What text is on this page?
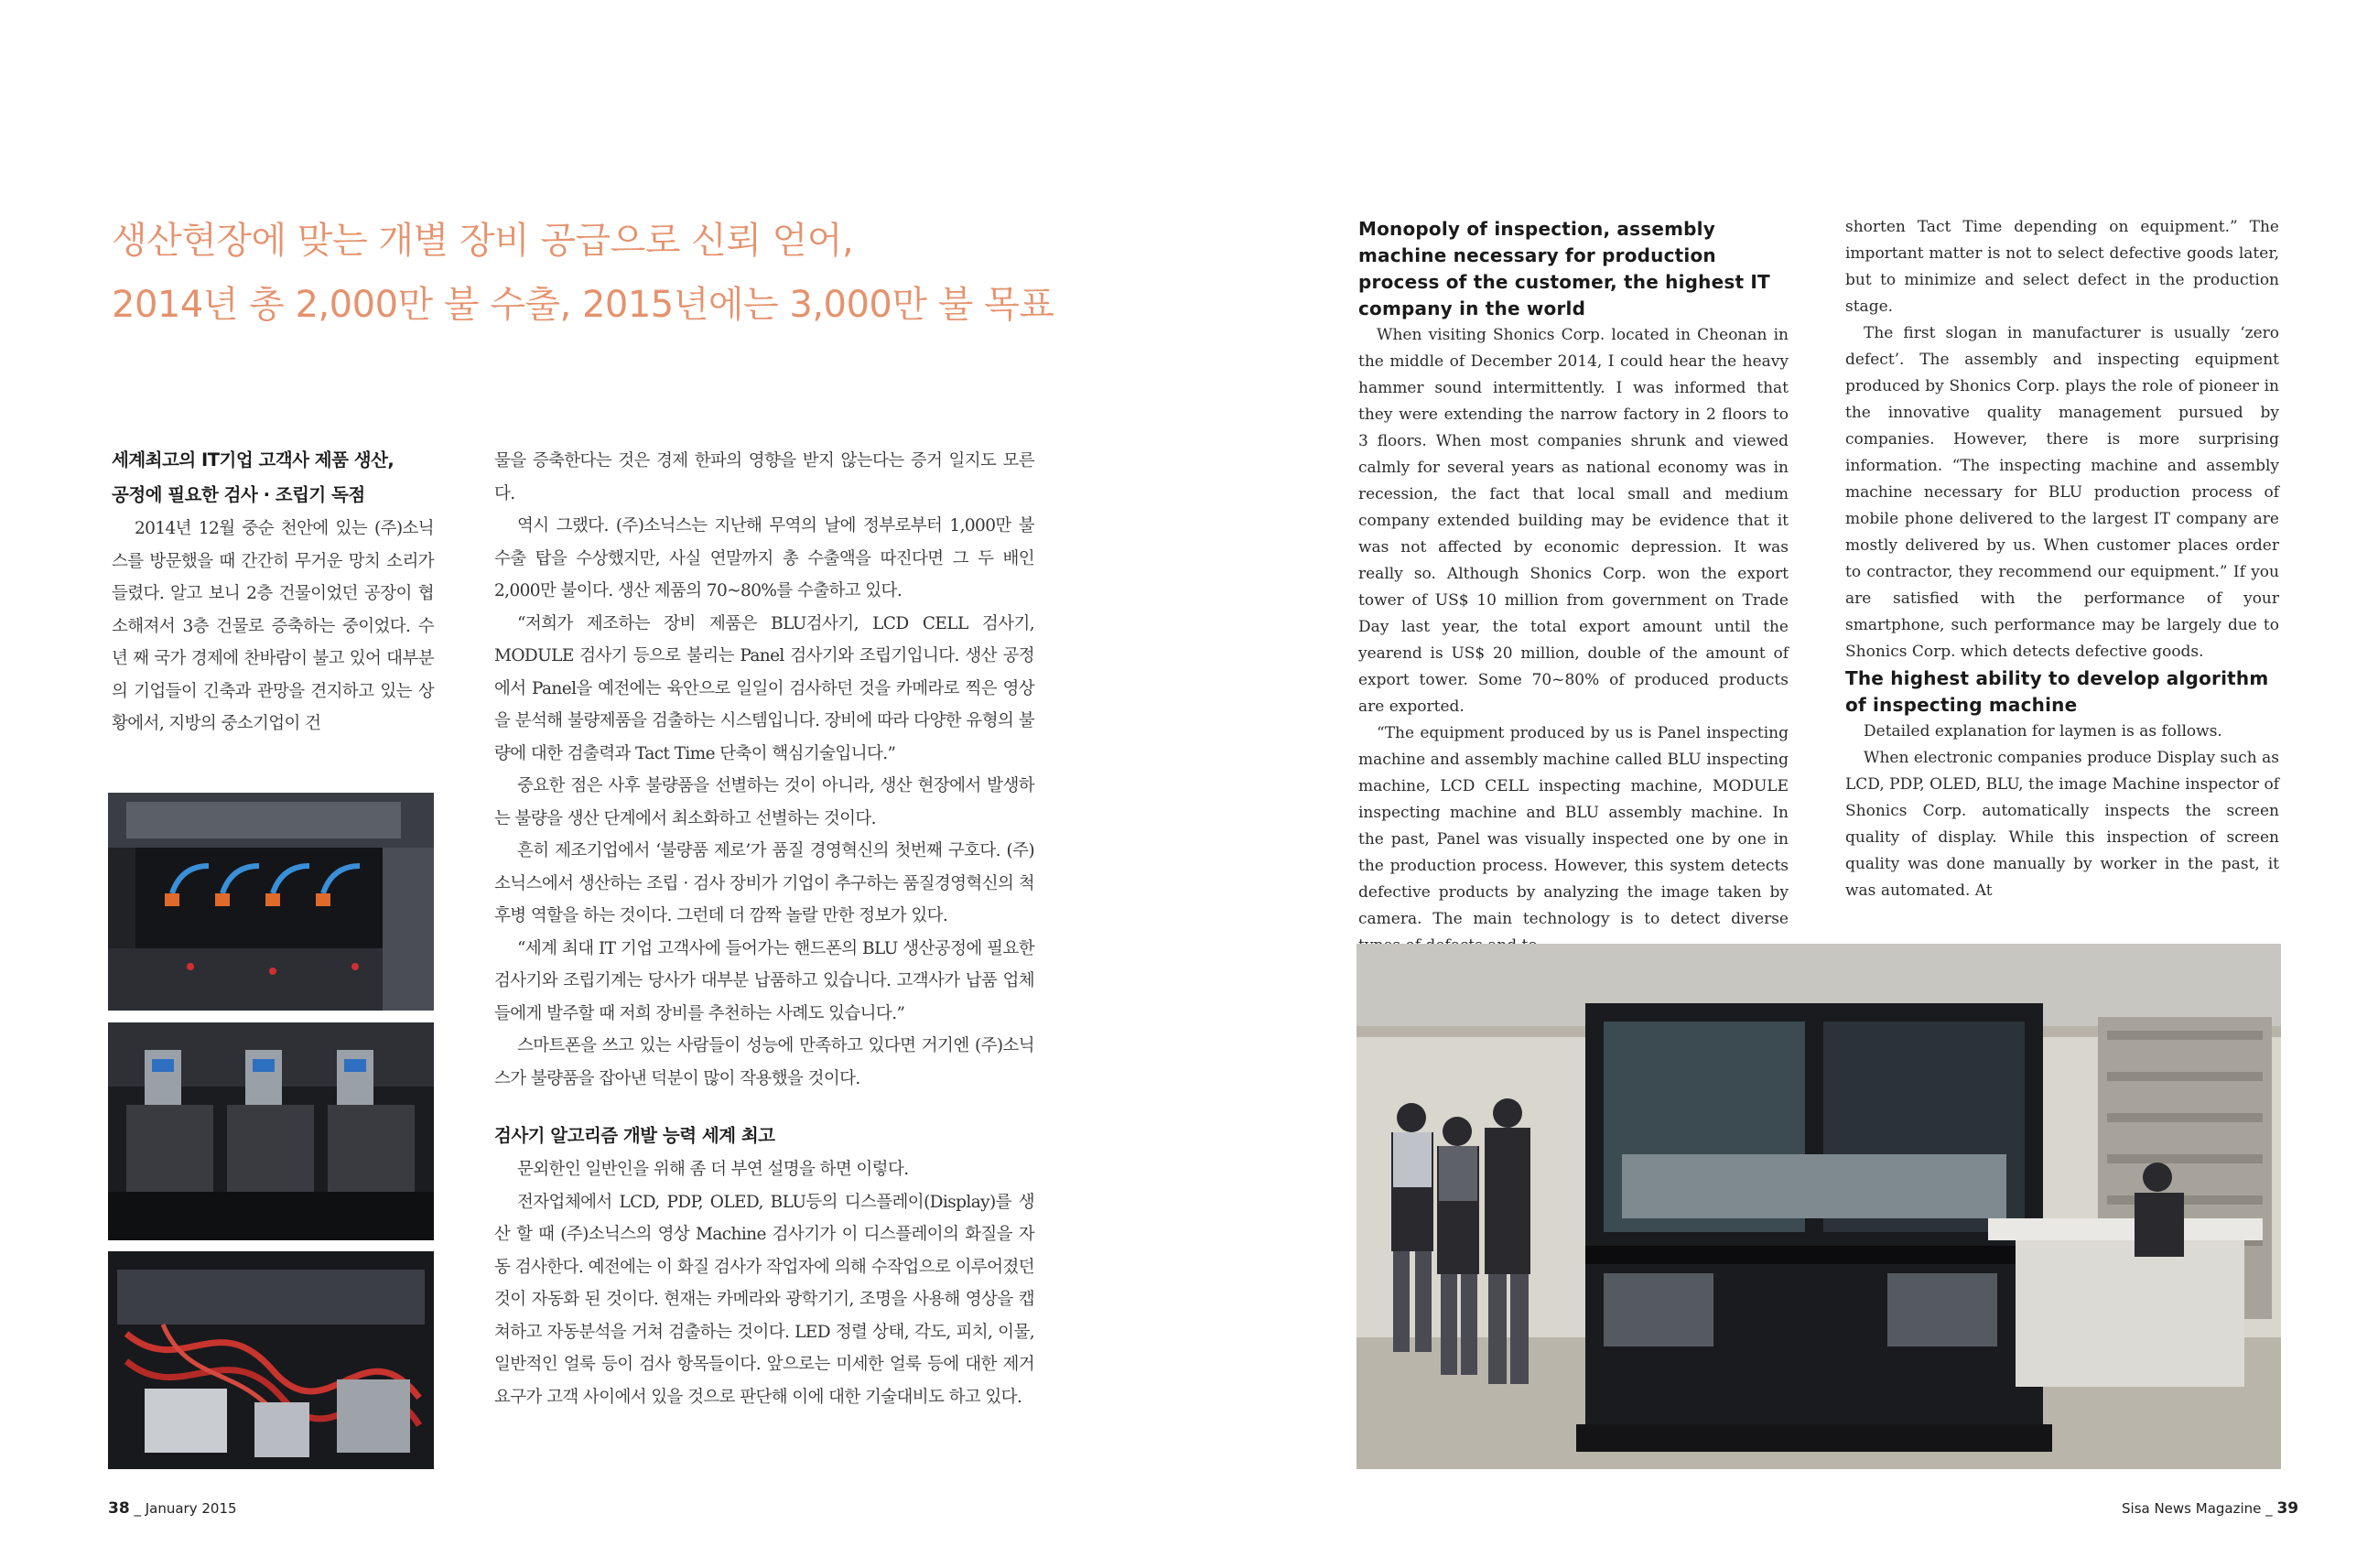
생산현장에 맞는 개별 장비 공급으로 신뢰 얻어,
2014년 총 2,000만 불 수출, 2015년에는 3,000만 불 목표
세계최고의 IT기업 고객사 제품 생산,
공정에 필요한 검사 · 조립기 독점

2014년 12월 중순 천안에 있는 (주)소닉스를 방문했을 때 간간히 무거운 망치 소리가 들렸다. 알고 보니 2층 건물이었던 공장이 협소해져서 3층 건물로 증축하는 중이었다. 수년 째 국가 경제에 찬바람이 불고 있어 대부분의 기업들이 긴축과 관망을 견지하고 있는 상황에서, 지방의 중소기업이 건

물을 증축한다는 것은 경제 한파의 영향을 받지 않는다는 증거 일지도 모른다.

역시 그랬다. (주)소닉스는 지난해 무역의 날에 정부로부터 1,000만 불 수출 탑을 수상했지만, 사실 연말까지 총 수출액을 따진다면 그 두 배인 2,000만 불이다. 생산 제품의 70~80%를 수출하고 있다.

“저희가 제조하는 장비 제품은 BLU검사기, LCD CELL 검사기, MODULE 검사기 등으로 불리는 Panel 검사기와 조립기입니다. 생산 공정에서 Panel을 예전에는 육안으로 일일이 검사하던 것을 카메라로 찍은 영상을 분석해 불량제품을 검출하는 시스템입니다. 장비에 따라 다양한 유형의 불량에 대한 검출력과 Tact Time 단축이 핵심기술입니다.”

중요한 점은 사후 불량품을 선별하는 것이 아니라, 생산 현장에서 발생하는 불량을 생산 단계에서 최소화하고 선별하는 것이다.

흔히 제조기업에서 ‘불량품 제로’가 품질 경영혁신의 첫번째 구호다. (주)소닉스에서 생산하는 조립 · 검사 장비가 기업이 추구하는 품질경영혁신의 척후병 역할을 하는 것이다. 그런데 더 깜짝 놀랄 만한 정보가 있다.

“세계 최대 IT 기업 고객사에 들어가는 핸드폰의 BLU 생산공정에 필요한 검사기와 조립기계는 당사가 대부분 납품하고 있습니다. 고객사가 납품 업체들에게 발주할 때 저희 장비를 추천하는 사례도 있습니다.”

스마트폰을 쓰고 있는 사람들이 성능에 만족하고 있다면 거기엔 (주)소닉스가 불량품을 잡아낸 덕분이 많이 작용했을 것이다.

검사기 알고리즘 개발 능력 세계 최고

문외한인 일반인을 위해 좀 더 부연 설명을 하면 이렇다.

전자업체에서 LCD, PDP, OLED, BLU등의 디스플레이(Display)를 생산 할 때 (주)소닉스의 영상 Machine 검사기가 이 디스플레이의 화질을 자동 검사한다. 예전에는 이 화질 검사가 작업자에 의해 수작업으로 이루어졌던 것이 자동화 된 것이다. 현재는 카메라와 광학기기, 조명을 사용해 영상을 캡쳐하고 자동분석을 거쳐 검출하는 것이다. LED 정렬 상태, 각도, 피치, 이물, 일반적인 얼룩 등이 검사 항목들이다. 앞으로는 미세한 얼룩 등에 대한 제거 요구가 고객 사이에서 있을 것으로 판단해 이에 대한 기술대비도 하고 있다.

Monopoly of inspection, assembly machine necessary for production process of the customer, the highest IT company in the world

When visiting Shonics Corp. located in Cheonan in the middle of December 2014, I could hear the heavy hammer sound intermittently. I was informed that they were extending the narrow factory in 2 floors to 3 floors. When most companies shrunk and viewed calmly for several years as national economy was in recession, the fact that local small and medium company extended building may be evidence that it was not affected by economic depression. It was really so. Although Shonics Corp. won the export tower of US$ 10 million from government on Trade Day last year, the total export amount until the yearend is US$ 20 million, double of the amount of export tower. Some 70~80% of produced products are exported.

“The equipment produced by us is Panel inspecting machine and assembly machine called BLU inspecting machine, LCD CELL inspecting machine, MODULE inspecting machine and BLU assembly machine. In the past, Panel was visually inspected one by one in the production process. However, this system detects defective products by analyzing the image taken by camera. The main technology is to detect diverse

shorten Tact Time depending on equipment.” The important matter is not to select defective goods later, but to minimize and select defect in the production stage.

The first slogan in manufacturer is usually ‘zero defect’. The assembly and inspecting equipment produced by Shonics Corp. plays the role of pioneer in the innovative quality management pursued by companies. However, there is more surprising information. “The inspecting machine and assembly machine necessary for BLU production process of mobile phone delivered to the largest IT company are mostly delivered by us. When customer places order to contractor, they recommend our equipment.” If you are satisfied with the performance of your smartphone, such performance may be largely due to Shonics Corp. which detects defective goods.

The highest ability to develop algorithm of inspecting machine

Detailed explanation for laymen is as follows.

When electronic companies produce Display such as LCD, PDP, OLED, BLU, the image Machine inspector of Shonics Corp. automatically inspects the screen quality of display. While this inspection of screen quality was done manually by worker in the past, it was automated. At

38 _ January 2015	Sisa News Magazine _ 39
